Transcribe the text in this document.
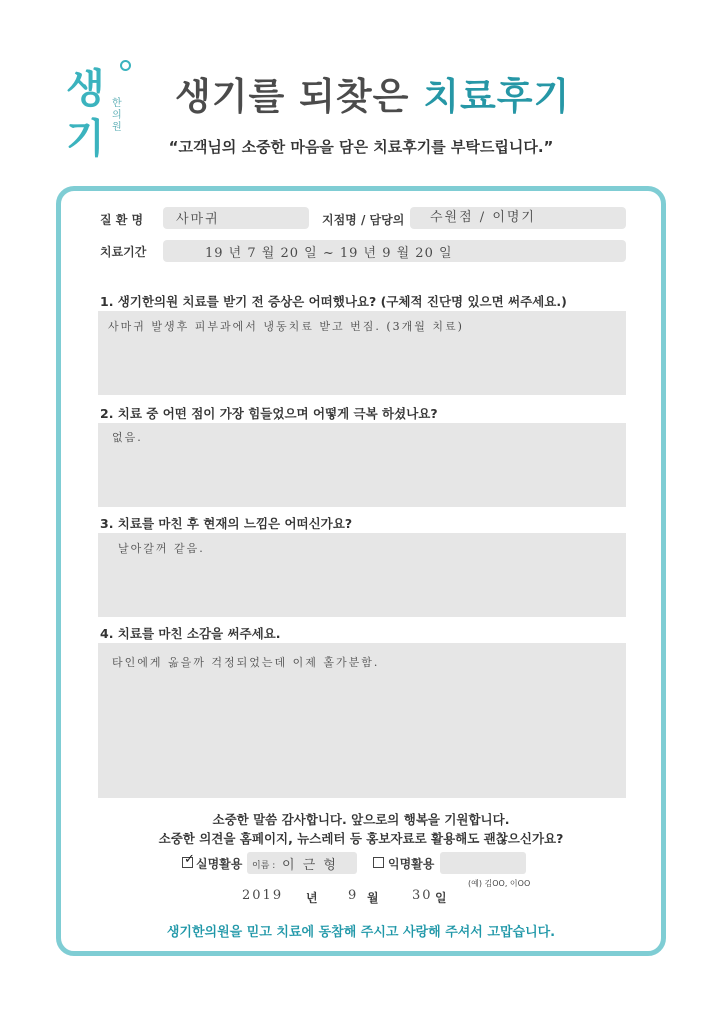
생 기
한의원
생기를 되찾은 치료후기
“고객님의 소중한 마음을 담은 치료후기를 부탁드립니다.”
질 환 명	사마귀	지점명 / 담당의 수원점 / 이명기
치료기간	19 년 7 월 20 일 ~ 19 년 9 월 20 일
1. 생기한의원 치료를 받기 전 증상은 어떠했나요? (구체적 진단명 있으면 써주세요.)
사마귀 발생후 피부과에서 냉동치료 받고 번짐. (3개월 치료)
2. 치료 중 어떤 점이 가장 힘들었으며 어떻게 극복 하셨나요?
없음.
3. 치료를 마친 후 현재의 느낌은 어떠신가요?
날아갈꺼 같음.
4. 치료를 마친 소감을 써주세요.
타인에게 옮을까 걱정되었는데 이제 홀가분함.
소중한 말씀 감사합니다. 앞으로의 행복을 기원합니다.
소중한 의견을 홈페이지, 뉴스레터 등 홍보자료로 활용해도 괜찮으신가요?
✓ 실명활용 이름 : 이 근 형	익명활용
(예) 김OO, 이OO
2019 년 9 월	30 일
생기한의원을 믿고 치료에 동참해 주시고 사랑해 주셔서 고맙습니다.
